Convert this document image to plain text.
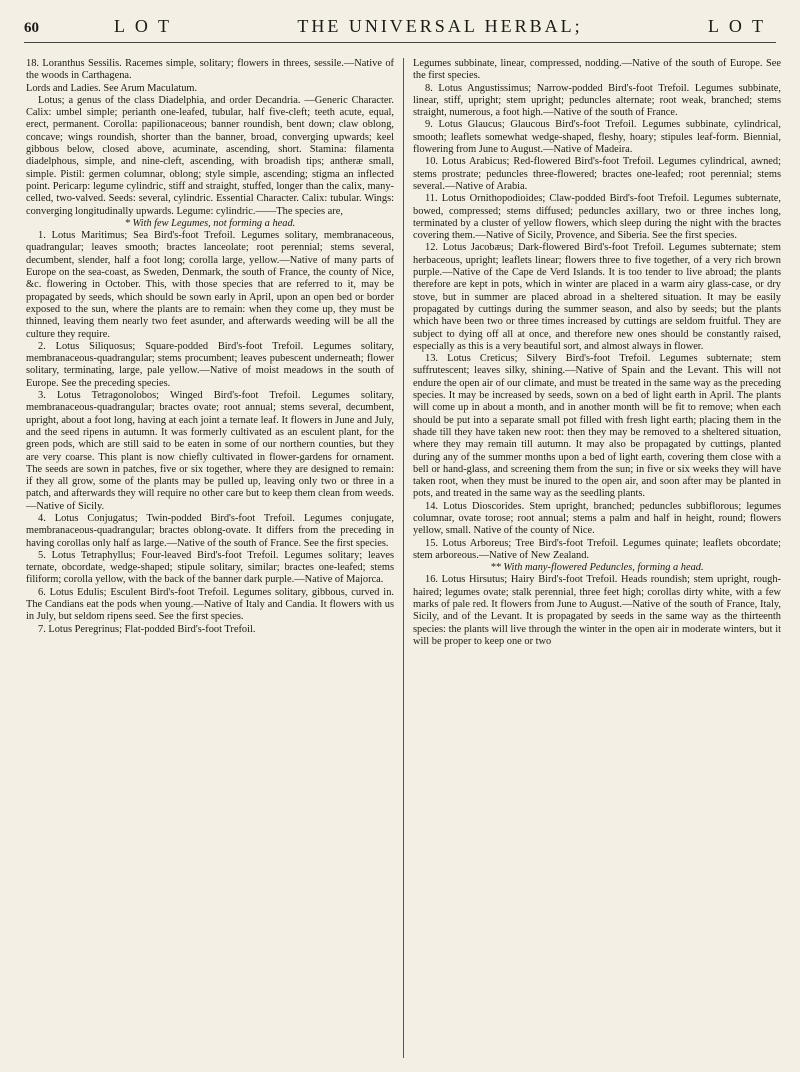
60	L O T	THE UNIVERSAL HERBAL;	L O T

18. Loranthus Sessilis. Racemes simple, solitary; flowers in threes, sessile.—Native of the woods in Carthagena.

Lords and Ladies. See Arum Maculatum.

Lotus; a genus of the class Diadelphia, and order Decandria. —Generic Character. Calix: umbel simple; perianth one-leafed, tubular, half five-cleft; teeth acute, equal, erect, permanent. Corolla: papilionaceous; banner roundish, bent down; claw oblong, concave; wings roundish, shorter than the banner, broad, converging upwards; keel gibbous below, closed above, acuminate, ascending, short. Stamina: filamenta diadelphous, simple, and nine-cleft, ascending, with broadish tips; antheræ small, simple. Pistil: germen columnar, oblong; style simple, ascending; stigma an inflected point. Pericarp: legume cylindric, stiff and straight, stuffed, longer than the calix, many-celled, two-valved. Seeds: several, cylindric. Essential Character. Calix: tubular. Wings: converging longitudinally upwards. Legume: cylindric.——The species are,

* With few Legumes, not forming a head.

1. Lotus Maritimus; Sea Bird's-foot Trefoil. Legumes solitary, membranaceous, quadrangular; leaves smooth; bractes lanceolate; root perennial; stems several, decumbent, slender, half a foot long; corolla large, yellow.—Native of many parts of Europe on the sea-coast, as Sweden, Denmark, the south of France, the county of Nice, &c. flowering in October. This, with those species that are referred to it, may be propagated by seeds, which should be sown early in April, upon an open bed or border exposed to the sun, where the plants are to remain: when they come up, they must be thinned, leaving them nearly two feet asunder, and afterwards weeding will be all the culture they require.

2. Lotus Siliquosus; Square-podded Bird's-foot Trefoil. Legumes solitary, membranaceous-quadrangular; stems procumbent; leaves pubescent underneath; flower solitary, terminating, large, pale yellow.—Native of moist meadows in the south of Europe. See the preceding species.

3. Lotus Tetragonolobos; Winged Bird's-foot Trefoil. Legumes solitary, membranaceous-quadrangular; bractes ovate; root annual; stems several, decumbent, upright, about a foot long, having at each joint a ternate leaf. It flowers in June and July, and the seed ripens in autumn. It was formerly cultivated as an esculent plant, for the green pods, which are still said to be eaten in some of our northern counties, but they are very coarse. This plant is now chiefly cultivated in flower-gardens for ornament. The seeds are sown in patches, five or six together, where they are designed to remain: if they all grow, some of the plants may be pulled up, leaving only two or three in a patch, and afterwards they will require no other care but to keep them clean from weeds. —Native of Sicily.

4. Lotus Conjugatus; Twin-podded Bird's-foot Trefoil. Legumes conjugate, membranaceous-quadrangular; bractes oblong-ovate. It differs from the preceding in having corollas only half as large.—Native of the south of France. See the first species.

5. Lotus Tetraphyllus; Four-leaved Bird's-foot Trefoil. Legumes solitary; leaves ternate, obcordate, wedge-shaped; stipule solitary, similar; bractes one-leafed; stems filiform; corolla yellow, with the back of the banner dark purple.—Native of Majorca.

6. Lotus Edulis; Esculent Bird's-foot Trefoil. Legumes solitary, gibbous, curved in. The Candians eat the pods when young.—Native of Italy and Candia. It flowers with us in July, but seldom ripens seed. See the first species.

7. Lotus Peregrinus; Flat-podded Bird's-foot Trefoil.

Legumes subbinate, linear, compressed, nodding.—Native of the south of Europe. See the first species.

8. Lotus Angustissimus; Narrow-podded Bird's-foot Trefoil. Legumes subbinate, linear, stiff, upright; stem upright; peduncles alternate; root weak, branched; stems straight, numerous, a foot high.—Native of the south of France.

9. Lotus Glaucus; Glaucous Bird's-foot Trefoil. Legumes subbinate, cylindrical, smooth; leaflets somewhat wedge-shaped, fleshy, hoary; stipules leaf-form. Biennial, flowering from June to August.—Native of Madeira.

10. Lotus Arabicus; Red-flowered Bird's-foot Trefoil. Legumes cylindrical, awned; stems prostrate; peduncles three-flowered; bractes one-leafed; root perennial; stems several.—Native of Arabia.

11. Lotus Ornithopodioides; Claw-podded Bird's-foot Trefoil. Legumes subternate, bowed, compressed; stems diffused; peduncles axillary, two or three inches long, terminated by a cluster of yellow flowers, which sleep during the night with the bractes covering them.—Native of Sicily, Provence, and Siberia. See the first species.

12. Lotus Jacobæus; Dark-flowered Bird's-foot Trefoil. Legumes subternate; stem herbaceous, upright; leaflets linear; flowers three to five together, of a very rich brown purple.—Native of the Cape de Verd Islands. It is too tender to live abroad; the plants therefore are kept in pots, which in winter are placed in a warm airy glass-case, or dry stove, but in summer are placed abroad in a sheltered situation. It may be easily propagated by cuttings during the summer season, and also by seeds; but the plants which have been two or three times increased by cuttings are seldom fruitful. They are subject to dying off all at once, and therefore new ones should be constantly raised, especially as this is a very beautiful sort, and almost always in flower.

13. Lotus Creticus; Silvery Bird's-foot Trefoil. Legumes subternate; stem suffrutescent; leaves silky, shining.—Native of Spain and the Levant. This will not endure the open air of our climate, and must be treated in the same way as the preceding species. It may be increased by seeds, sown on a bed of light earth in April. The plants will come up in about a month, and in another month will be fit to remove; when each should be put into a separate small pot filled with fresh light earth; placing them in the shade till they have taken new root: then they may be removed to a sheltered situation, where they may remain till autumn. It may also be propagated by cuttings, planted during any of the summer months upon a bed of light earth, covering them close with a bell or hand-glass, and screening them from the sun; in five or six weeks they will have taken root, when they must be inured to the open air, and soon after may be planted in pots, and treated in the same way as the seedling plants.

14. Lotus Dioscorides. Stem upright, branched; peduncles subbiflorous; legumes columnar, ovate torose; root annual; stems a palm and half in height, round; flowers yellow, small. Native of the county of Nice.

15. Lotus Arboreus; Tree Bird's-foot Trefoil. Legumes quinate; leaflets obcordate; stem arboreous.—Native of New Zealand.

** With many-flowered Peduncles, forming a head.

16. Lotus Hirsutus; Hairy Bird's-foot Trefoil. Heads roundish; stem upright, rough-haired; legumes ovate; stalk perennial, three feet high; corollas dirty white, with a few marks of pale red. It flowers from June to August.—Native of the south of France, Italy, Sicily, and of the Levant. It is propagated by seeds in the same way as the thirteenth species: the plants will live through the winter in the open air in moderate winters, but it will be proper to keep one or two
